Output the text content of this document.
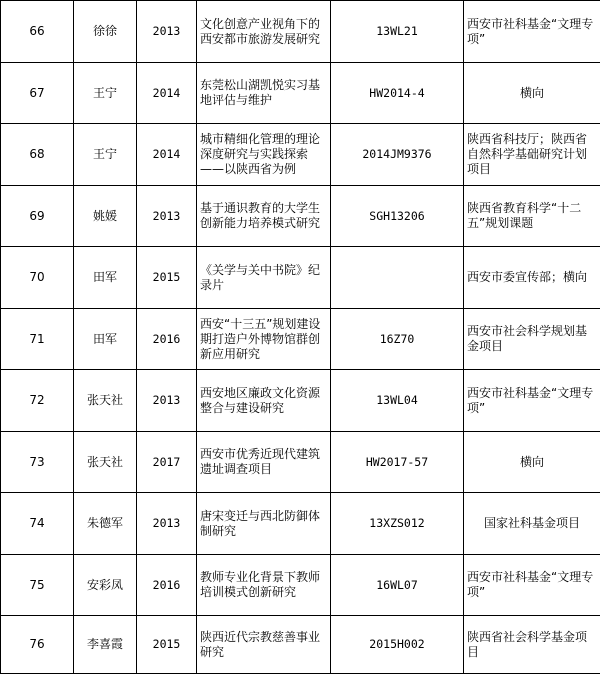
66	徐徐	2013	文化创意产业视角下的西安都市旅游发展研究	13WL21	西安市社科基金“文理专项”
67	王宁	2014	东莞松山湖凯悦实习基地评估与维护	HW2014-4	横向
68	王宁	2014	城市精细化管理的理论深度研究与实践探索——以陕西省为例	2014JM9376	陕西省科技厅；陕西省自然科学基础研究计划项目
69	姚媛	2013	基于通识教育的大学生创新能力培养模式研究	SGH13206	陕西省教育科学“十二五”规划课题
70	田军	2015	《关学与关中书院》纪录片		西安市委宣传部；横向
71	田军	2016	西安“十三五”规划建设期打造户外博物馆群创新应用研究	16Z70	西安市社会科学规划基金项目
72	张天社	2013	西安地区廉政文化资源整合与建设研究	13WL04	西安市社科基金“文理专项”
73	张天社	2017	西安市优秀近现代建筑遗址调查项目	HW2017-57	横向
74	朱德军	2013	唐宋变迁与西北防御体制研究	13XZS012	国家社科基金项目
75	安彩凤	2016	教师专业化背景下教师培训模式创新研究	16WL07	西安市社科基金“文理专项”
76	李喜霞	2015	陕西近代宗教慈善事业研究	2015H002	陕西省社会科学基金项目
